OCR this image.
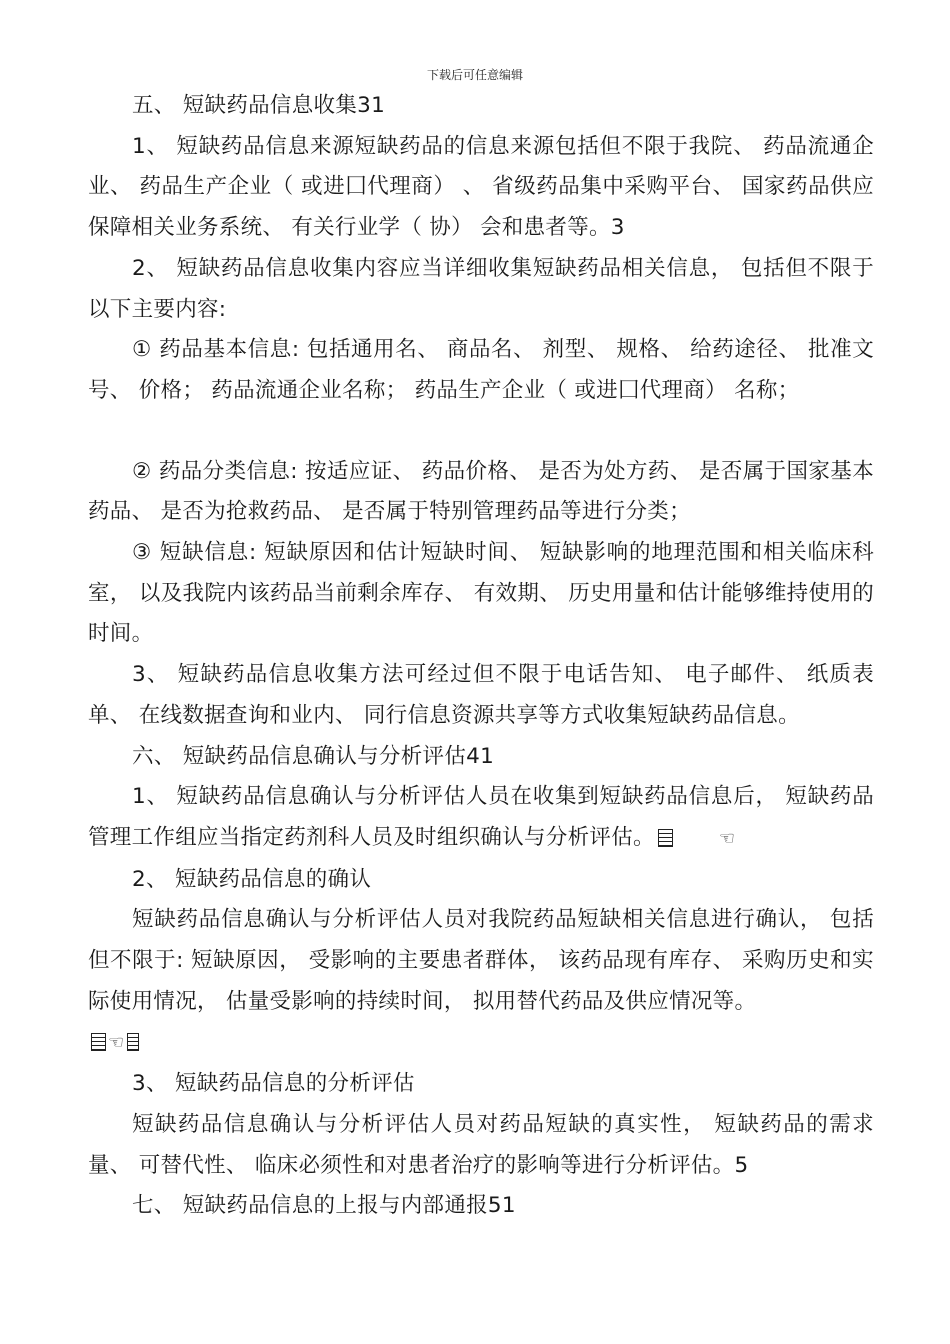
下载后可任意编辑

五、 短缺药品信息收集31

1、 短缺药品信息来源短缺药品的信息来源包括但不限于我院、 药品流通企业、 药品生产企业（ 或进囗代理商） 、 省级药品集中采购平台、 国家药品供应保障相关业务系统、 有关行业学（ 协） 会和患者等。3

2、 短缺药品信息收集内容应当详细收集短缺药品相关信息， 包括但不限于以下主要内容:

① 药品基本信息: 包括通用名、 商品名、 剂型、 规格、 给药途径、 批准文号、 价格； 药品流通企业名称； 药品生产企业（ 或进囗代理商） 名称；

② 药品分类信息: 按适应证、 药品价格、 是否为处方药、 是否属于国家基本药品、 是否为抢救药品、 是否属于特别管理药品等进行分类；

③ 短缺信息: 短缺原因和估计短缺时间、 短缺影响的地理范围和相关临床科室， 以及我院内该药品当前剩余库存、 有效期、 历史用量和估计能够维持使用的时间。

3、 短缺药品信息收集方法可经过但不限于电话告知、 电子邮件、 纸质表单、 在线数据查询和业内、 同行信息资源共享等方式收集短缺药品信息。

六、 短缺药品信息确认与分析评估41

1、 短缺药品信息确认与分析评估人员在收集到短缺药品信息后， 短缺药品管理工作组应当指定药剂科人员及时组织确认与分析评估。	☜

2、 短缺药品信息的确认

短缺药品信息确认与分析评估人员对我院药品短缺相关信息进行确认， 包括但不限于: 短缺原因， 受影响的主要患者群体， 该药品现有库存、 采购历史和实际使用情况， 估量受影响的持续时间， 拟用替代药品及供应情况等。

☜

3、 短缺药品信息的分析评估

短缺药品信息确认与分析评估人员对药品短缺的真实性， 短缺药品的需求量、 可替代性、 临床必须性和对患者治疗的影响等进行分析评估。5

七、 短缺药品信息的上报与内部通报51
